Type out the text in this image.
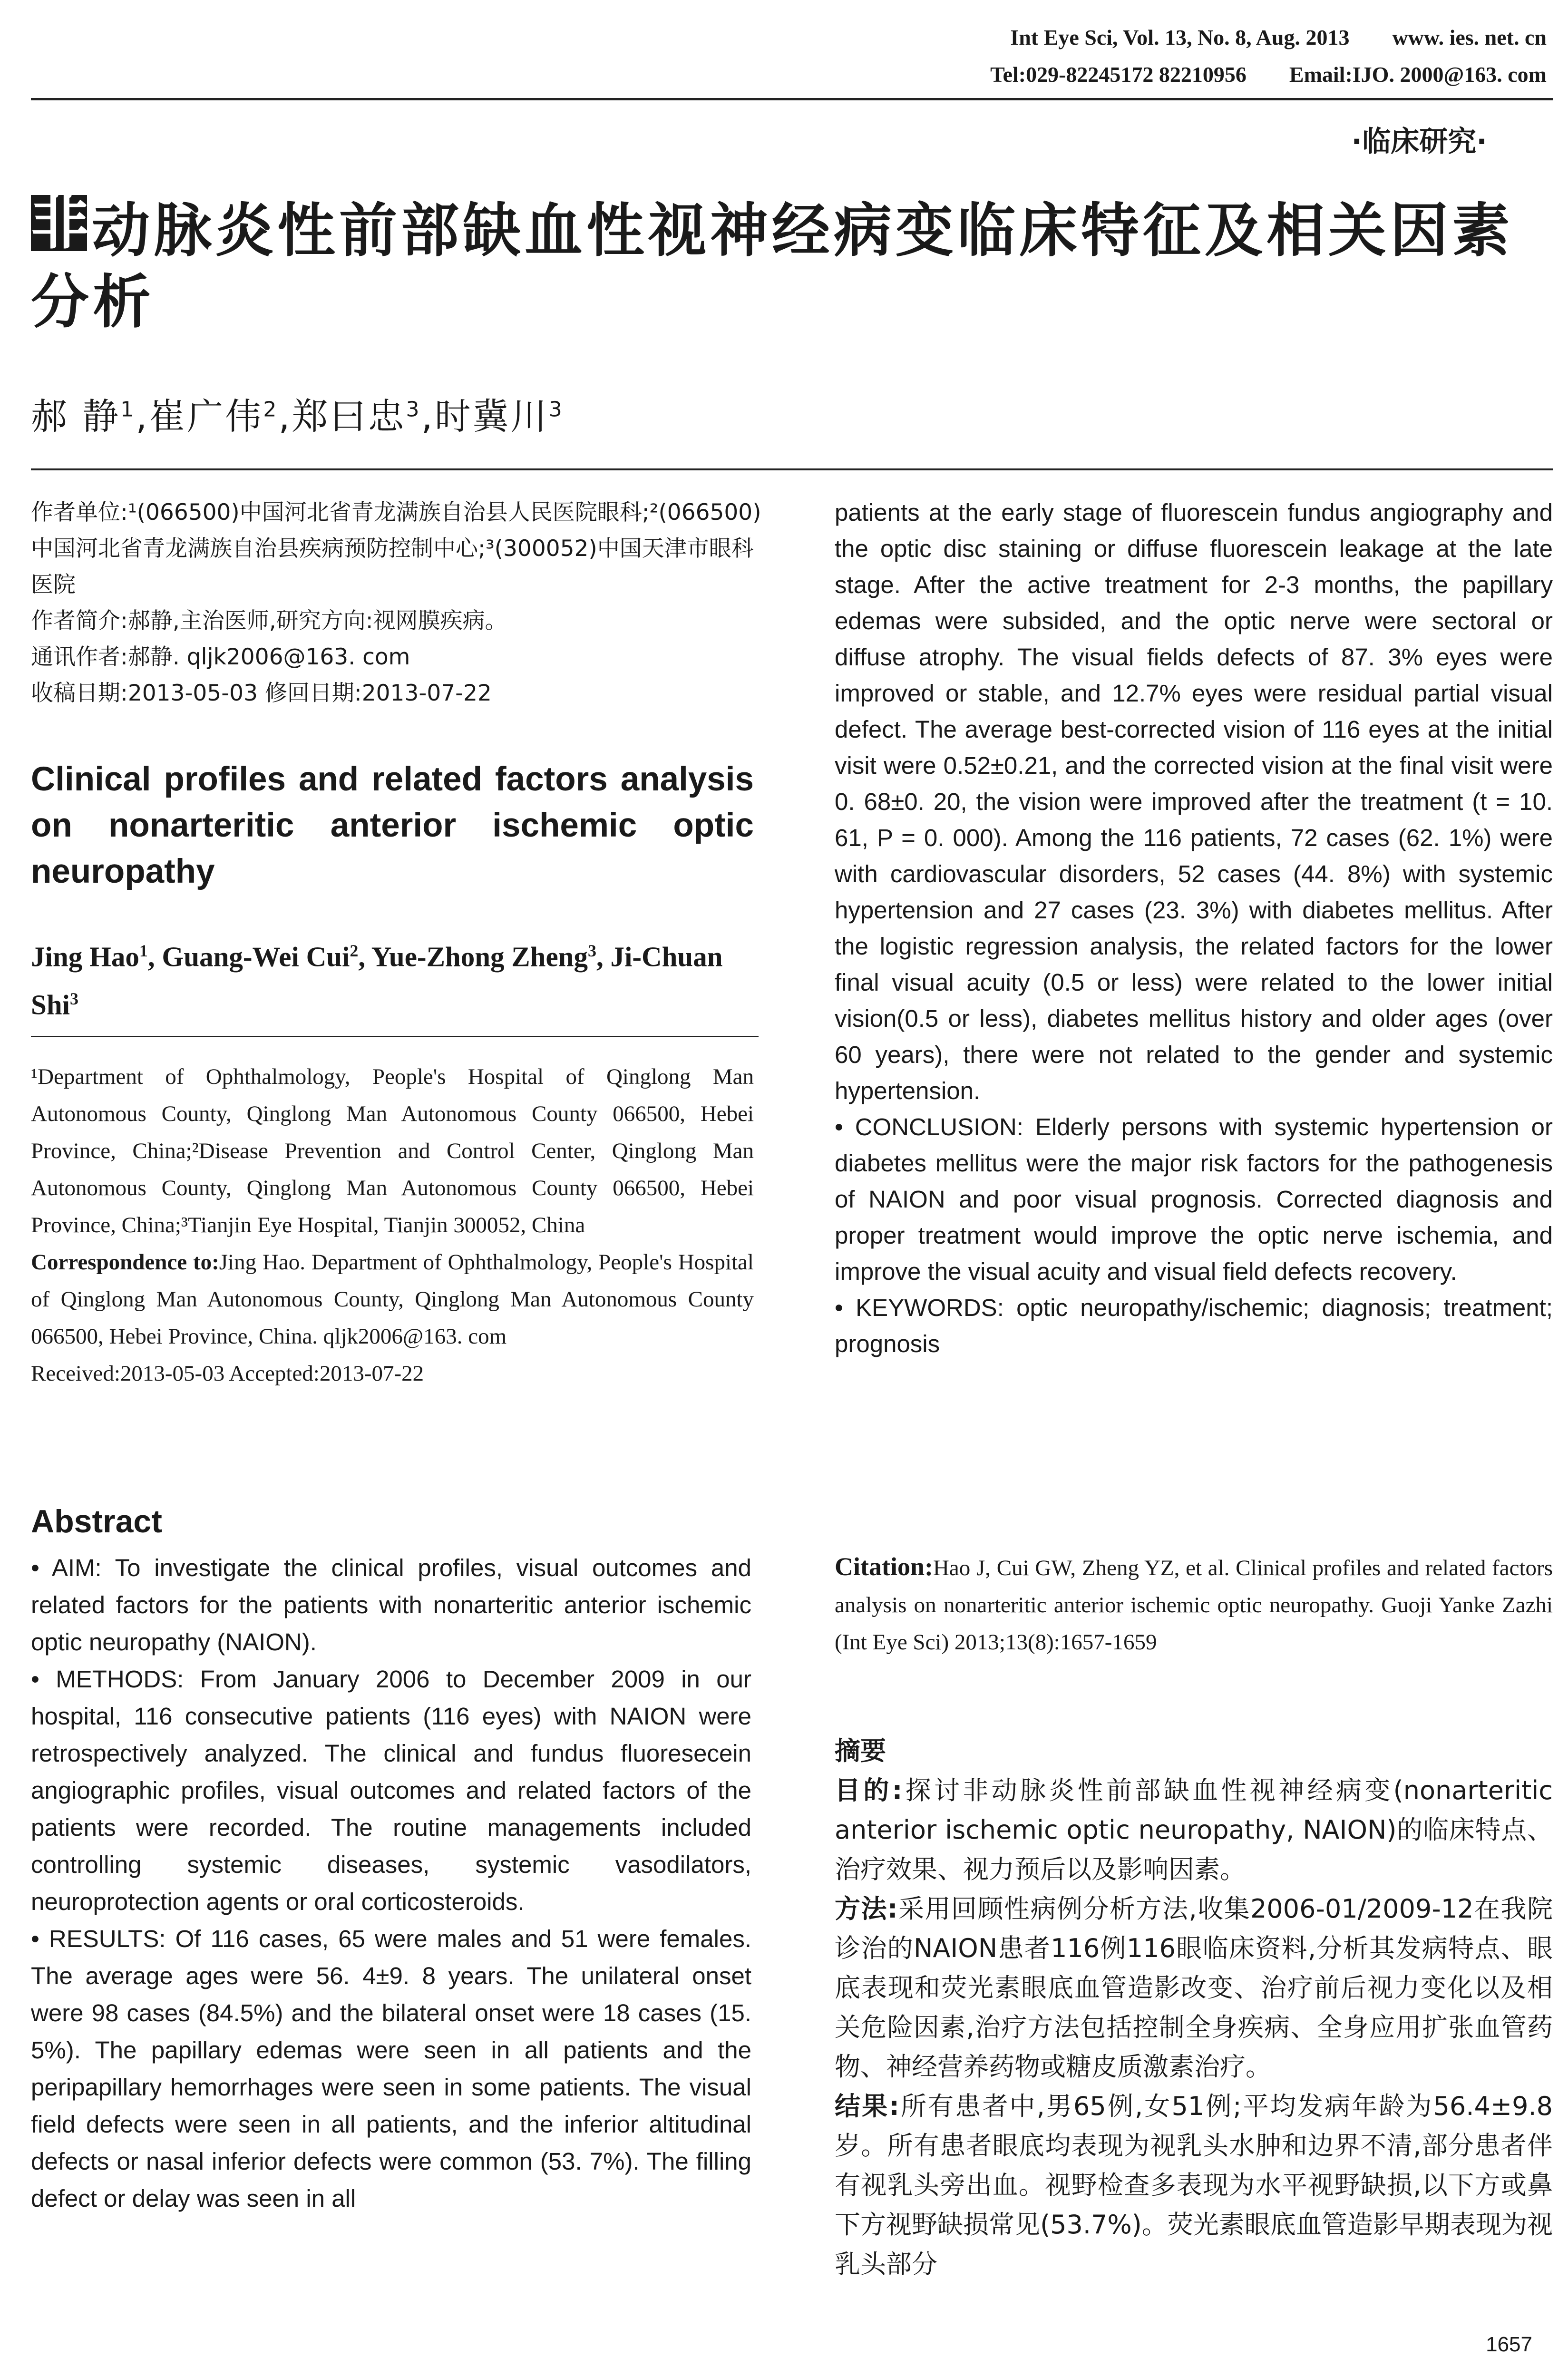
Int Eye Sci, Vol. 13, No. 8, Aug. 2013 www. ies. net. cn
Tel:029-82245172 82210956 Email:IJO. 2000@163. com
·临床研究·
非动脉炎性前部缺血性视神经病变临床特征及相关因素分析
郝 静$^1$,崔广伟$^2$,郑曰忠$^3$,时冀川$^3$

作者单位:¹(066500)中国河北省青龙满族自治县人民医院眼科;²(066500)中国河北省青龙满族自治县疾病预防控制中心;³(300052)中国天津市眼科医院

作者简介:郝静,主治医师,研究方向:视网膜疾病。

通讯作者:郝静. qljk2006@163. com

收稿日期:2013-05-03 修回日期:2013-07-22

Clinical profiles and related factors analysis on nonarteritic anterior ischemic optic neuropathy
Jing Hao$^1$, Guang-Wei Cui$^2$, Yue-Zhong Zheng$^3$, Ji-Chuan Shi$^3$

¹Department of Ophthalmology, People's Hospital of Qinglong Man Autonomous County, Qinglong Man Autonomous County 066500, Hebei Province, China;²Disease Prevention and Control Center, Qinglong Man Autonomous County, Qinglong Man Autonomous County 066500, Hebei Province, China;³Tianjin Eye Hospital, Tianjin 300052, China

Correspondence to:Jing Hao. Department of Ophthalmology, People's Hospital of Qinglong Man Autonomous County, Qinglong Man Autonomous County 066500, Hebei Province, China. qljk2006@163. com

Received:2013-05-03 Accepted:2013-07-22

Abstract

• AIM: To investigate the clinical profiles, visual outcomes and related factors for the patients with nonarteritic anterior ischemic optic neuropathy (NAION).

• METHODS: From January 2006 to December 2009 in our hospital, 116 consecutive patients (116 eyes) with NAION were retrospectively analyzed. The clinical and fundus fluoresecein angiographic profiles, visual outcomes and related factors of the patients were recorded. The routine managements included controlling systemic diseases, systemic vasodilators, neuroprotection agents or oral corticosteroids.

• RESULTS: Of 116 cases, 65 were males and 51 were females. The average ages were 56. 4±9. 8 years. The unilateral onset were 98 cases (84.5%) and the bilateral onset were 18 cases (15. 5%). The papillary edemas were seen in all patients and the peripapillary hemorrhages were seen in some patients. The visual field defects were seen in all patients, and the inferior altitudinal defects or nasal inferior defects were common (53. 7%). The filling defect or delay was seen in all

patients at the early stage of fluorescein fundus angiography and the optic disc staining or diffuse fluorescein leakage at the late stage. After the active treatment for 2-3 months, the papillary edemas were subsided, and the optic nerve were sectoral or diffuse atrophy. The visual fields defects of 87. 3% eyes were improved or stable, and 12.7% eyes were residual partial visual defect. The average best-corrected vision of 116 eyes at the initial visit were 0.52±0.21, and the corrected vision at the final visit were 0. 68±0. 20, the vision were improved after the treatment (t = 10. 61, P = 0. 000). Among the 116 patients, 72 cases (62. 1%) were with cardiovascular disorders, 52 cases (44. 8%) with systemic hypertension and 27 cases (23. 3%) with diabetes mellitus. After the logistic regression analysis, the related factors for the lower final visual acuity (0.5 or less) were related to the lower initial vision(0.5 or less), diabetes mellitus history and older ages (over 60 years), there were not related to the gender and systemic hypertension.

• CONCLUSION: Elderly persons with systemic hypertension or diabetes mellitus were the major risk factors for the pathogenesis of NAION and poor visual prognosis. Corrected diagnosis and proper treatment would improve the optic nerve ischemia, and improve the visual acuity and visual field defects recovery.

• KEYWORDS: optic neuropathy/ischemic; diagnosis; treatment; prognosis

Citation:Hao J, Cui GW, Zheng YZ, et al. Clinical profiles and related factors analysis on nonarteritic anterior ischemic optic neuropathy. Guoji Yanke Zazhi (Int Eye Sci) 2013;13(8):1657-1659

摘要

目的:探讨非动脉炎性前部缺血性视神经病变(nonarteritic anterior ischemic optic neuropathy, NAION)的临床特点、治疗效果、视力预后以及影响因素。

方法:采用回顾性病例分析方法,收集2006-01/2009-12在我院诊治的NAION患者116例116眼临床资料,分析其发病特点、眼底表现和荧光素眼底血管造影改变、治疗前后视力变化以及相关危险因素,治疗方法包括控制全身疾病、全身应用扩张血管药物、神经营养药物或糖皮质激素治疗。

结果:所有患者中,男65例,女51例;平均发病年龄为56.4±9.8岁。所有患者眼底均表现为视乳头水肿和边界不清,部分患者伴有视乳头旁出血。视野检查多表现为水平视野缺损,以下方或鼻下方视野缺损常见(53.7%)。荧光素眼底血管造影早期表现为视乳头部分

1657
